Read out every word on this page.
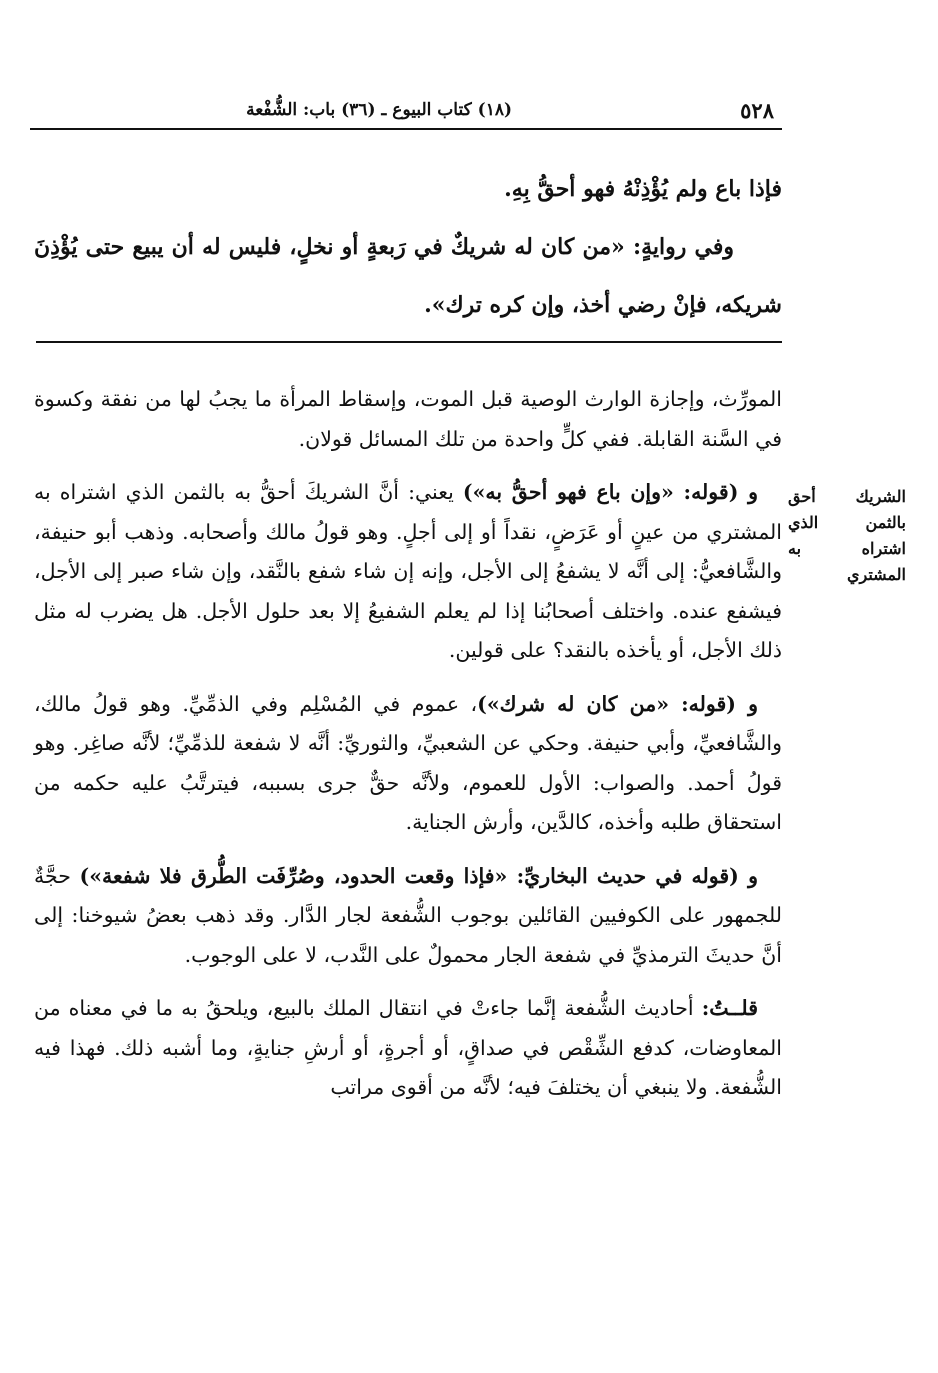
٥٢٨
(١٨) كتاب البيوع ـ (٣٦) باب: الشُّفْعة

فإذا باع ولم يُؤْذِنْهُ فهو أحقُّ بِهِ.

وفي روايةٍ: «من كان له شريكٌ في رَبعةٍ أو نخلٍ، فليس له أن يبيع حتى يُؤْذِنَ شريكه، فإنْ رضي أخذ، وإن كره ترك».

الشريك أحق بالثمن الذي اشتراه به المشتري

المورِّث، وإجازة الوارث الوصية قبل الموت، وإسقاط المرأة ما يجبُ لها من نفقة وكسوة في السَّنة القابلة. ففي كلٍّ واحدة من تلك المسائل قولان.

و (قوله: «وإن باع فهو أحقُّ به») يعني: أنَّ الشريكَ أحقُّ به بالثمن الذي اشتراه به المشتري من عينٍ أو عَرَضٍ، نقداً أو إلى أجلٍ. وهو قولُ مالك وأصحابه. وذهب أبو حنيفة، والشَّافعيُّ: إلى أنَّه لا يشفعُ إلى الأجل، وإنه إن شاء شفع بالنَّقد، وإن شاء صبر إلى الأجل، فيشفع عنده. واختلف أصحابُنا إذا لم يعلم الشفيعُ إلا بعد حلول الأجل. هل يضرب له مثل ذلك الأجل، أو يأخذه بالنقد؟ على قولين.

و (قوله: «من كان له شرك»)، عموم في المُسْلِم وفي الذمِّيِّ. وهو قولُ مالك، والشَّافعيِّ، وأبي حنيفة. وحكي عن الشعبيِّ، والثوريِّ: أنَّه لا شفعة للذمِّيِّ؛ لأنَّه صاغِر. وهو قولُ أحمد. والصواب: الأول للعموم، ولأنَّه حقٌّ جرى بسببه، فيترتَّبُ عليه حكمه من استحقاق طلبه وأخذه، كالدَّين، وأرش الجناية.

و (قوله في حديث البخاريِّ: «فإذا وقعت الحدود، وصُرِّفَت الطُّرق فلا شفعة») حجَّةٌ للجمهور على الكوفيين القائلين بوجوب الشُّفعة لجار الدَّار. وقد ذهب بعضُ شيوخنا: إلى أنَّ حديثَ الترمذيِّ في شفعة الجار محمولٌ على النَّدب، لا على الوجوب.

قلــتُ: أحاديث الشُّفعة إنَّما جاءتْ في انتقال الملك بالبيع، ويلحقُ به ما في معناه من المعاوضات، كدفع الشِّقْص في صداقٍ، أو أجرةٍ، أو أرشِ جنايةٍ، وما أشبه ذلك. فهذا فيه الشُّفعة. ولا ينبغي أن يختلفَ فيه؛ لأنَّه من أقوى مراتب
